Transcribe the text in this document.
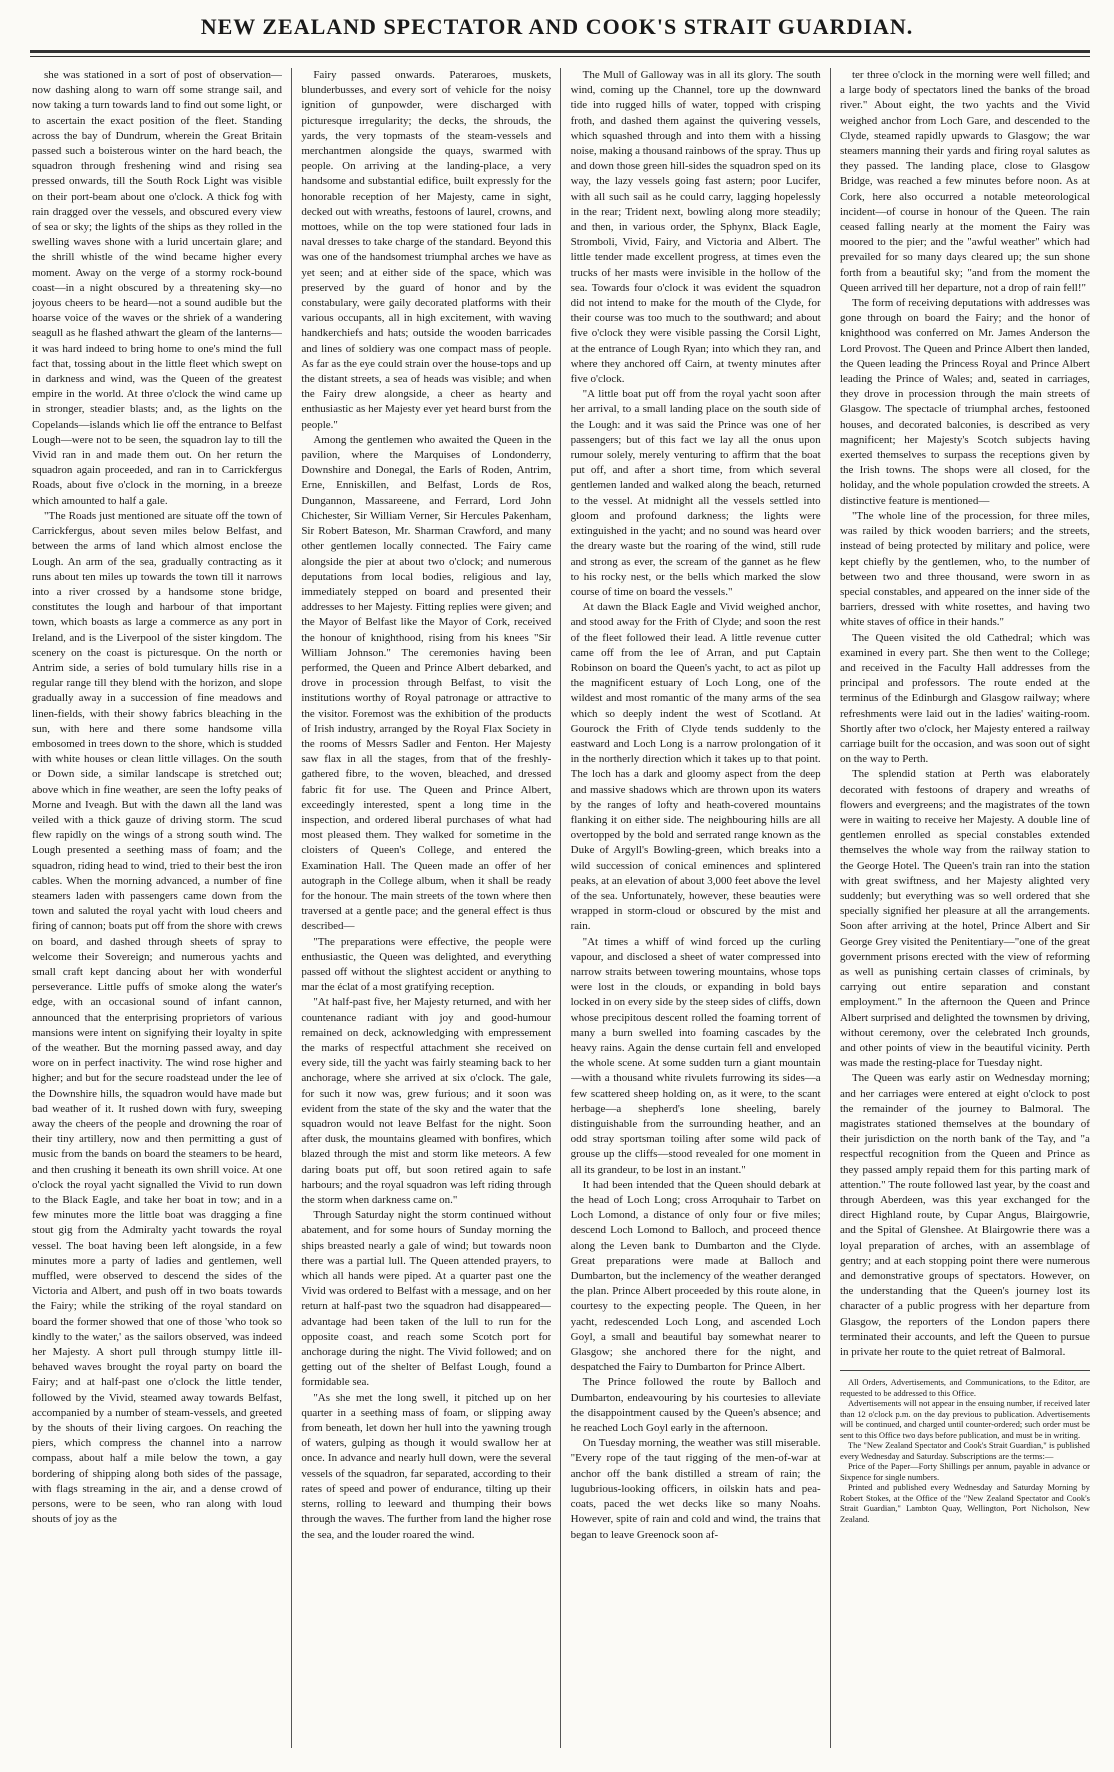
NEW ZEALAND SPECTATOR AND COOK'S STRAIT GUARDIAN.

she was stationed in a sort of post of observation—now dashing along to warn off some strange sail, and now taking a turn towards land to find out some light, or to ascertain the exact position of the fleet. Standing across the bay of Dundrum, wherein the Great Britain passed such a boisterous winter on the hard beach, the squadron through freshening wind and rising sea pressed onwards, till the South Rock Light was visible on their port-beam about one o'clock. A thick fog with rain dragged over the vessels, and obscured every view of sea or sky; the lights of the ships as they rolled in the swelling waves shone with a lurid uncertain glare; and the shrill whistle of the wind became higher every moment. Away on the verge of a stormy rock-bound coast—in a night obscured by a threatening sky—no joyous cheers to be heard—not a sound audible but the hoarse voice of the waves or the shriek of a wandering seagull as he flashed athwart the gleam of the lanterns—it was hard indeed to bring home to one's mind the full fact that, tossing about in the little fleet which swept on in darkness and wind, was the Queen of the greatest empire in the world. At three o'clock the wind came up in stronger, steadier blasts; and, as the lights on the Copelands—islands which lie off the entrance to Belfast Lough—were not to be seen, the squadron lay to till the Vivid ran in and made them out. On her return the squadron again proceeded, and ran in to Carrickfergus Roads, about five o'clock in the morning, in a breeze which amounted to half a gale.

"The Roads just mentioned are situate off the town of Carrickfergus, about seven miles below Belfast, and between the arms of land which almost enclose the Lough. An arm of the sea, gradually contracting as it runs about ten miles up towards the town till it narrows into a river crossed by a handsome stone bridge, constitutes the lough and harbour of that important town, which boasts as large a commerce as any port in Ireland, and is the Liverpool of the sister kingdom. The scenery on the coast is picturesque. On the north or Antrim side, a series of bold tumulary hills rise in a regular range till they blend with the horizon, and slope gradually away in a succession of fine meadows and linen-fields, with their showy fabrics bleaching in the sun, with here and there some handsome villa embosomed in trees down to the shore, which is studded with white houses or clean little villages. On the south or Down side, a similar landscape is stretched out; above which in fine weather, are seen the lofty peaks of Morne and Iveagh. But with the dawn all the land was veiled with a thick gauze of driving storm. The scud flew rapidly on the wings of a strong south wind. The Lough presented a seething mass of foam; and the squadron, riding head to wind, tried to their best the iron cables. When the morning advanced, a number of fine steamers laden with passengers came down from the town and saluted the royal yacht with loud cheers and firing of cannon; boats put off from the shore with crews on board, and dashed through sheets of spray to welcome their Sovereign; and numerous yachts and small craft kept dancing about her with wonderful perseverance. Little puffs of smoke along the water's edge, with an occasional sound of infant cannon, announced that the enterprising proprietors of various mansions were intent on signifying their loyalty in spite of the weather. But the morning passed away, and day wore on in perfect inactivity. The wind rose higher and higher; and but for the secure roadstead under the lee of the Downshire hills, the squadron would have made but bad weather of it. It rushed down with fury, sweeping away the cheers of the people and drowning the roar of their tiny artillery, now and then permitting a gust of music from the bands on board the steamers to be heard, and then crushing it beneath its own shrill voice. At one o'clock the royal yacht signalled the Vivid to run down to the Black Eagle, and take her boat in tow; and in a few minutes more the little boat was dragging a fine stout gig from the Admiralty yacht towards the royal vessel. The boat having been left alongside, in a few minutes more a party of ladies and gentlemen, well muffled, were observed to descend the sides of the Victoria and Albert, and push off in two boats towards the Fairy; while the striking of the royal standard on board the former showed that one of those 'who took so kindly to the water,' as the sailors observed, was indeed her Majesty. A short pull through stumpy little ill-behaved waves brought the royal party on board the Fairy; and at half-past one o'clock the little tender, followed by the Vivid, steamed away towards Belfast, accompanied by a number of steam-vessels, and greeted by the shouts of their living cargoes. On reaching the piers, which compress the channel into a narrow compass, about half a mile below the town, a gay bordering of shipping along both sides of the passage, with flags streaming in the air, and a dense crowd of persons, were to be seen, who ran along with loud shouts of joy as the

Fairy passed onwards. Pateraroes, muskets, blunderbusses, and every sort of vehicle for the noisy ignition of gunpowder, were discharged with picturesque irregularity; the decks, the shrouds, the yards, the very topmasts of the steam-vessels and merchantmen alongside the quays, swarmed with people. On arriving at the landing-place, a very handsome and substantial edifice, built expressly for the honorable reception of her Majesty, came in sight, decked out with wreaths, festoons of laurel, crowns, and mottoes, while on the top were stationed four lads in naval dresses to take charge of the standard. Beyond this was one of the handsomest triumphal arches we have as yet seen; and at either side of the space, which was preserved by the guard of honor and by the constabulary, were gaily decorated platforms with their various occupants, all in high excitement, with waving handkerchiefs and hats; outside the wooden barricades and lines of soldiery was one compact mass of people. As far as the eye could strain over the house-tops and up the distant streets, a sea of heads was visible; and when the Fairy drew alongside, a cheer as hearty and enthusiastic as her Majesty ever yet heard burst from the people."

Among the gentlemen who awaited the Queen in the pavilion, where the Marquises of Londonderry, Downshire and Donegal, the Earls of Roden, Antrim, Erne, Enniskillen, and Belfast, Lords de Ros, Dungannon, Massareene, and Ferrard, Lord John Chichester, Sir William Verner, Sir Hercules Pakenham, Sir Robert Bateson, Mr. Sharman Crawford, and many other gentlemen locally connected. The Fairy came alongside the pier at about two o'clock; and numerous deputations from local bodies, religious and lay, immediately stepped on board and presented their addresses to her Majesty. Fitting replies were given; and the Mayor of Belfast like the Mayor of Cork, received the honour of knighthood, rising from his knees "Sir William Johnson." The ceremonies having been performed, the Queen and Prince Albert debarked, and drove in procession through Belfast, to visit the institutions worthy of Royal patronage or attractive to the visitor. Foremost was the exhibition of the products of Irish industry, arranged by the Royal Flax Society in the rooms of Messrs Sadler and Fenton. Her Majesty saw flax in all the stages, from that of the freshly-gathered fibre, to the woven, bleached, and dressed fabric fit for use. The Queen and Prince Albert, exceedingly interested, spent a long time in the inspection, and ordered liberal purchases of what had most pleased them. They walked for sometime in the cloisters of Queen's College, and entered the Examination Hall. The Queen made an offer of her autograph in the College album, when it shall be ready for the honour. The main streets of the town where then traversed at a gentle pace; and the general effect is thus described—

"The preparations were effective, the people were enthusiastic, the Queen was delighted, and everything passed off without the slightest accident or anything to mar the éclat of a most gratifying reception.

"At half-past five, her Majesty returned, and with her countenance radiant with joy and good-humour remained on deck, acknowledging with empressement the marks of respectful attachment she received on every side, till the yacht was fairly steaming back to her anchorage, where she arrived at six o'clock. The gale, for such it now was, grew furious; and it soon was evident from the state of the sky and the water that the squadron would not leave Belfast for the night. Soon after dusk, the mountains gleamed with bonfires, which blazed through the mist and storm like meteors. A few daring boats put off, but soon retired again to safe harbours; and the royal squadron was left riding through the storm when darkness came on."

Through Saturday night the storm continued without abatement, and for some hours of Sunday morning the ships breasted nearly a gale of wind; but towards noon there was a partial lull. The Queen attended prayers, to which all hands were piped. At a quarter past one the Vivid was ordered to Belfast with a message, and on her return at half-past two the squadron had disappeared—advantage had been taken of the lull to run for the opposite coast, and reach some Scotch port for anchorage during the night. The Vivid followed; and on getting out of the shelter of Belfast Lough, found a formidable sea.

"As she met the long swell, it pitched up on her quarter in a seething mass of foam, or slipping away from beneath, let down her hull into the yawning trough of waters, gulping as though it would swallow her at once. In advance and nearly hull down, were the several vessels of the squadron, far separated, according to their rates of speed and power of endurance, tilting up their sterns, rolling to leeward and thumping their bows through the waves. The further from land the higher rose the sea, and the louder roared the wind.

The Mull of Galloway was in all its glory. The south wind, coming up the Channel, tore up the downward tide into rugged hills of water, topped with crisping froth, and dashed them against the quivering vessels, which squashed through and into them with a hissing noise, making a thousand rainbows of the spray. Thus up and down those green hill-sides the squadron sped on its way, the lazy vessels going fast astern; poor Lucifer, with all such sail as he could carry, lagging hopelessly in the rear; Trident next, bowling along more steadily; and then, in various order, the Sphynx, Black Eagle, Stromboli, Vivid, Fairy, and Victoria and Albert. The little tender made excellent progress, at times even the trucks of her masts were invisible in the hollow of the sea. Towards four o'clock it was evident the squadron did not intend to make for the mouth of the Clyde, for their course was too much to the southward; and about five o'clock they were visible passing the Corsil Light, at the entrance of Lough Ryan; into which they ran, and where they anchored off Cairn, at twenty minutes after five o'clock.

"A little boat put off from the royal yacht soon after her arrival, to a small landing place on the south side of the Lough: and it was said the Prince was one of her passengers; but of this fact we lay all the onus upon rumour solely, merely venturing to affirm that the boat put off, and after a short time, from which several gentlemen landed and walked along the beach, returned to the vessel. At midnight all the vessels settled into gloom and profound darkness; the lights were extinguished in the yacht; and no sound was heard over the dreary waste but the roaring of the wind, still rude and strong as ever, the scream of the gannet as he flew to his rocky nest, or the bells which marked the slow course of time on board the vessels."

At dawn the Black Eagle and Vivid weighed anchor, and stood away for the Frith of Clyde; and soon the rest of the fleet followed their lead. A little revenue cutter came off from the lee of Arran, and put Captain Robinson on board the Queen's yacht, to act as pilot up the magnificent estuary of Loch Long, one of the wildest and most romantic of the many arms of the sea which so deeply indent the west of Scotland. At Gourock the Frith of Clyde tends suddenly to the eastward and Loch Long is a narrow prolongation of it in the northerly direction which it takes up to that point. The loch has a dark and gloomy aspect from the deep and massive shadows which are thrown upon its waters by the ranges of lofty and heath-covered mountains flanking it on either side. The neighbouring hills are all overtopped by the bold and serrated range known as the Duke of Argyll's Bowling-green, which breaks into a wild succession of conical eminences and splintered peaks, at an elevation of about 3,000 feet above the level of the sea. Unfortunately, however, these beauties were wrapped in storm-cloud or obscured by the mist and rain.

"At times a whiff of wind forced up the curling vapour, and disclosed a sheet of water compressed into narrow straits between towering mountains, whose tops were lost in the clouds, or expanding in bold bays locked in on every side by the steep sides of cliffs, down whose precipitous descent rolled the foaming torrent of many a burn swelled into foaming cascades by the heavy rains. Again the dense curtain fell and enveloped the whole scene. At some sudden turn a giant mountain—with a thousand white rivulets furrowing its sides—a few scattered sheep holding on, as it were, to the scant herbage—a shepherd's lone sheeling, barely distinguishable from the surrounding heather, and an odd stray sportsman toiling after some wild pack of grouse up the cliffs—stood revealed for one moment in all its grandeur, to be lost in an instant."

It had been intended that the Queen should debark at the head of Loch Long; cross Arroquhair to Tarbet on Loch Lomond, a distance of only four or five miles; descend Loch Lomond to Balloch, and proceed thence along the Leven bank to Dumbarton and the Clyde. Great preparations were made at Balloch and Dumbarton, but the inclemency of the weather deranged the plan. Prince Albert proceeded by this route alone, in courtesy to the expecting people. The Queen, in her yacht, redescended Loch Long, and ascended Loch Goyl, a small and beautiful bay somewhat nearer to Glasgow; she anchored there for the night, and despatched the Fairy to Dumbarton for Prince Albert.

The Prince followed the route by Balloch and Dumbarton, endeavouring by his courtesies to alleviate the disappointment caused by the Queen's absence; and he reached Loch Goyl early in the afternoon.

On Tuesday morning, the weather was still miserable. "Every rope of the taut rigging of the men-of-war at anchor off the bank distilled a stream of rain; the lugubrious-looking officers, in oilskin hats and pea-coats, paced the wet decks like so many Noahs. However, spite of rain and cold and wind, the trains that began to leave Greenock soon af-

ter three o'clock in the morning were well filled; and a large body of spectators lined the banks of the broad river." About eight, the two yachts and the Vivid weighed anchor from Loch Gare, and descended to the Clyde, steamed rapidly upwards to Glasgow; the war steamers manning their yards and firing royal salutes as they passed. The landing place, close to Glasgow Bridge, was reached a few minutes before noon. As at Cork, here also occurred a notable meteorological incident—of course in honour of the Queen. The rain ceased falling nearly at the moment the Fairy was moored to the pier; and the "awful weather" which had prevailed for so many days cleared up; the sun shone forth from a beautiful sky; "and from the moment the Queen arrived till her departure, not a drop of rain fell!"

The form of receiving deputations with addresses was gone through on board the Fairy; and the honor of knighthood was conferred on Mr. James Anderson the Lord Provost. The Queen and Prince Albert then landed, the Queen leading the Princess Royal and Prince Albert leading the Prince of Wales; and, seated in carriages, they drove in procession through the main streets of Glasgow. The spectacle of triumphal arches, festooned houses, and decorated balconies, is described as very magnificent; her Majesty's Scotch subjects having exerted themselves to surpass the receptions given by the Irish towns. The shops were all closed, for the holiday, and the whole population crowded the streets. A distinctive feature is mentioned—

"The whole line of the procession, for three miles, was railed by thick wooden barriers; and the streets, instead of being protected by military and police, were kept chiefly by the gentlemen, who, to the number of between two and three thousand, were sworn in as special constables, and appeared on the inner side of the barriers, dressed with white rosettes, and having two white staves of office in their hands."

The Queen visited the old Cathedral; which was examined in every part. She then went to the College; and received in the Faculty Hall addresses from the principal and professors. The route ended at the terminus of the Edinburgh and Glasgow railway; where refreshments were laid out in the ladies' waiting-room. Shortly after two o'clock, her Majesty entered a railway carriage built for the occasion, and was soon out of sight on the way to Perth.

The splendid station at Perth was elaborately decorated with festoons of drapery and wreaths of flowers and evergreens; and the magistrates of the town were in waiting to receive her Majesty. A double line of gentlemen enrolled as special constables extended themselves the whole way from the railway station to the George Hotel. The Queen's train ran into the station with great swiftness, and her Majesty alighted very suddenly; but everything was so well ordered that she specially signified her pleasure at all the arrangements. Soon after arriving at the hotel, Prince Albert and Sir George Grey visited the Penitentiary—"one of the great government prisons erected with the view of reforming as well as punishing certain classes of criminals, by carrying out entire separation and constant employment." In the afternoon the Queen and Prince Albert surprised and delighted the townsmen by driving, without ceremony, over the celebrated Inch grounds, and other points of view in the beautiful vicinity. Perth was made the resting-place for Tuesday night.

The Queen was early astir on Wednesday morning; and her carriages were entered at eight o'clock to post the remainder of the journey to Balmoral. The magistrates stationed themselves at the boundary of their jurisdiction on the north bank of the Tay, and "a respectful recognition from the Queen and Prince as they passed amply repaid them for this parting mark of attention." The route followed last year, by the coast and through Aberdeen, was this year exchanged for the direct Highland route, by Cupar Angus, Blairgowrie, and the Spital of Glenshee. At Blairgowrie there was a loyal preparation of arches, with an assemblage of gentry; and at each stopping point there were numerous and demonstrative groups of spectators. However, on the understanding that the Queen's journey lost its character of a public progress with her departure from Glasgow, the reporters of the London papers there terminated their accounts, and left the Queen to pursue in private her route to the quiet retreat of Balmoral.

All Orders, Advertisements, and Communications, to the Editor, are requested to be addressed to this Office.

Advertisements will not appear in the ensuing number, if received later than 12 o'clock p.m. on the day previous to publication. Advertisements will be continued, and charged until counter-ordered; such order must be sent to this Office two days before publication, and must be in writing.

The "New Zealand Spectator and Cook's Strait Guardian," is published every Wednesday and Saturday. Subscriptions are the terms:—

Price of the Paper—Forty Shillings per annum, payable in advance or Sixpence for single numbers.

Printed and published every Wednesday and Saturday Morning by Robert Stokes, at the Office of the "New Zealand Spectator and Cook's Strait Guardian," Lambton Quay, Wellington, Port Nicholson, New Zealand.
